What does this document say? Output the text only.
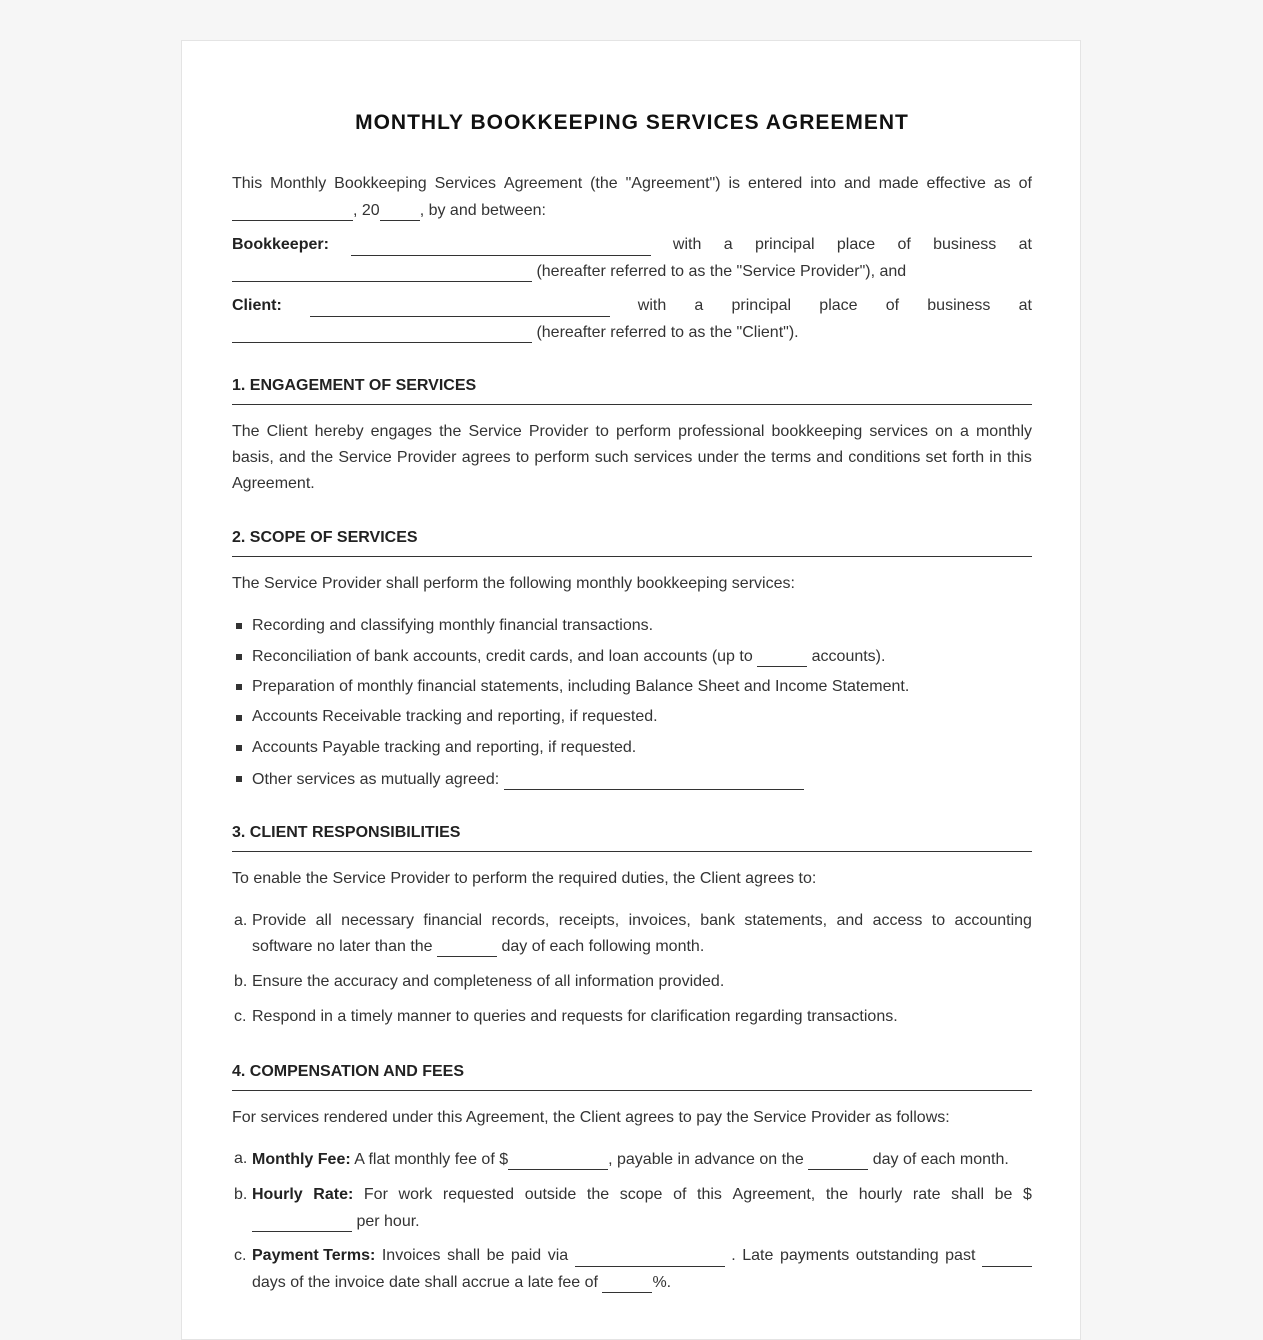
MONTHLY BOOKKEEPING SERVICES AGREEMENT
This Monthly Bookkeeping Services Agreement (the "Agreement") is entered into and made effective as of
, 20	, by and between:
Bookkeeper:	with a principal place of business at
(hereafter referred to as the "Service Provider"), and
Client:	with a principal place of business at
(hereafter referred to as the "Client").
1. ENGAGEMENT OF SERVICES
The Client hereby engages the Service Provider to perform professional bookkeeping services on a monthly
basis, and the Service Provider agrees to perform such services under the terms and conditions set forth in this
Agreement.
2. SCOPE OF SERVICES
The Service Provider shall perform the following monthly bookkeeping services:
Recording and classifying monthly financial transactions.
Reconciliation of bank accounts, credit cards, and loan accounts (up to	accounts).
Preparation of monthly financial statements, including Balance Sheet and Income Statement.
Accounts Receivable tracking and reporting, if requested.
Accounts Payable tracking and reporting, if requested.
Other services as mutually agreed:
3. CLIENT RESPONSIBILITIES
To enable the Service Provider to perform the required duties, the Client agrees to:
a. Provide all necessary financial records, receipts, invoices, bank statements, and access to accounting
software no later than the	day of each following month.
b. Ensure the accuracy and completeness of all information provided.
c. Respond in a timely manner to queries and requests for clarification regarding transactions.
4. COMPENSATION AND FEES
For services rendered under this Agreement, the Client agrees to pay the Service Provider as follows:
a. Monthly Fee: A flat monthly fee of $	, payable in advance on the	day of each month.
b. Hourly Rate: For work requested outside the scope of this Agreement, the hourly rate shall be $
per hour.
c. Payment Terms: Invoices shall be paid via	. Late payments outstanding past
days of the invoice date shall accrue a late fee of	%.
